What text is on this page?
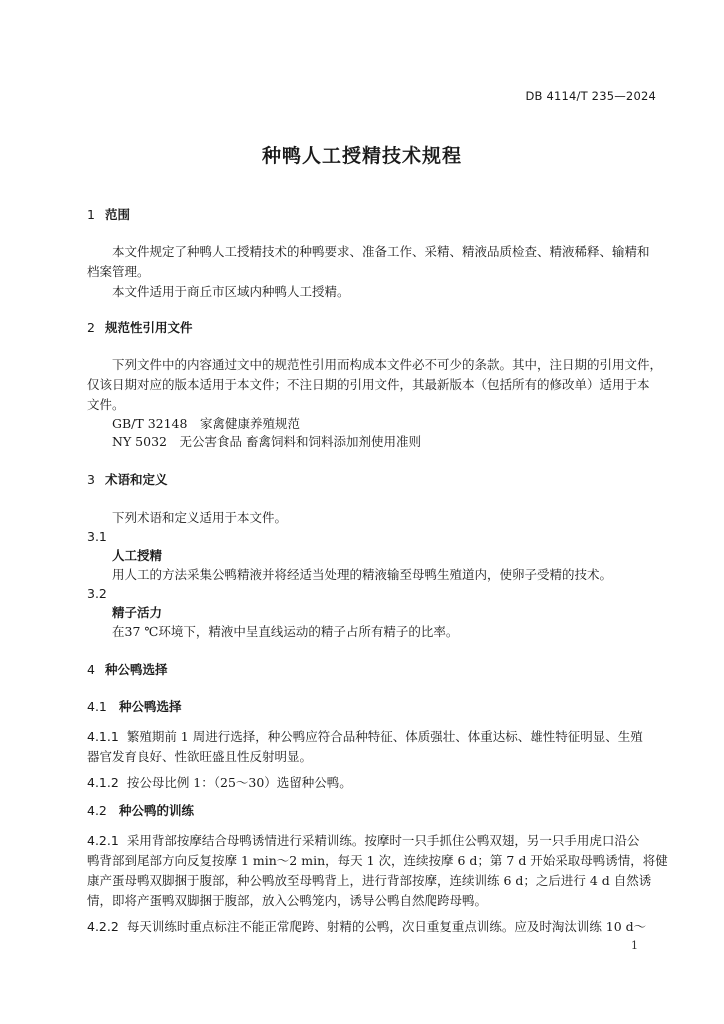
DB 4114/T 235—2024
种鸭人工授精技术规程
1 范围
本文件规定了种鸭人工授精技术的种鸭要求、准备工作、采精、精液品质检查、精液稀释、输精和
档案管理。
本文件适用于商丘市区域内种鸭人工授精。
2 规范性引用文件
下列文件中的内容通过文中的规范性引用而构成本文件必不可少的条款。其中，注日期的引用文件，
仅该日期对应的版本适用于本文件；不注日期的引用文件，其最新版本（包括所有的修改单）适用于本
文件。
GB/T 32148　家禽健康养殖规范
NY 5032　无公害食品 畜禽饲料和饲料添加剂使用准则
3 术语和定义
下列术语和定义适用于本文件。
3.1
人工授精
用人工的方法采集公鸭精液并将经适当处理的精液输至母鸭生殖道内，使卵子受精的技术。
3.2
精子活力
在37 ℃环境下，精液中呈直线运动的精子占所有精子的比率。
4 种公鸭选择
4.1 种公鸭选择
4.1.1 繁殖期前 1 周进行选择，种公鸭应符合品种特征、体质强壮、体重达标、雄性特征明显、生殖
器官发育良好、性欲旺盛且性反射明显。
4.1.2 按公母比例 1：（25～30）选留种公鸭。
4.2 种公鸭的训练
4.2.1 采用背部按摩结合母鸭诱情进行采精训练。按摩时一只手抓住公鸭双翅，另一只手用虎口沿公
鸭背部到尾部方向反复按摩 1 min～2 min，每天 1 次，连续按摩 6 d；第 7 d 开始采取母鸭诱情，将健
康产蛋母鸭双脚捆于腹部，种公鸭放至母鸭背上，进行背部按摩，连续训练 6 d；之后进行 4 d 自然诱
情，即将产蛋鸭双脚捆于腹部，放入公鸭笼内，诱导公鸭自然爬跨母鸭。
4.2.2 每天训练时重点标注不能正常爬跨、射精的公鸭，次日重复重点训练。应及时淘汰训练 10 d～
1
